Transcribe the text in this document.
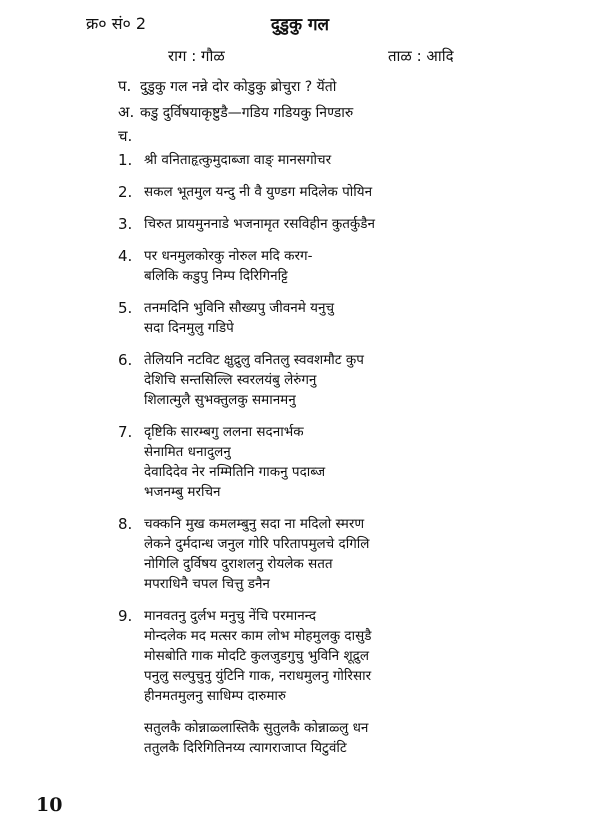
क्र० सं० 2	दुडुकु गल
राग : गौळ	ताळ : आदि
प. दुडुकु गल नन्ने दोर कोडुकु ब्रोचुरा ? यॆंतो
अ. कडु दुर्विषयाकृष्टुडै—गडिय गडियकु निण्डारु
च.
1. श्री वनिताहृत्कुमुदाब्जा वाङ् मानसगोचर
2. सकल भूतमुल यन्दु नी वै युण्डग मदिलेक पोयिन
3. चिरुत प्रायमुननाडे भजनामृत रसविहीन कुतर्कुडैन
4. पर धनमुलकोरकु नोरुल मदि करग-
बलिकि कडुपु निम्प दिरिगिनट्टि
5. तनमदिनि भुविनि सौख्यपु जीवनमे यनुचु
सदा दिनमुलु गडिपे
6. तेलियनि नटविट क्षुद्रुलु वनितलु स्ववशमौट कुप
देशिचि सन्तसिल्लि स्वरलयंबु लेरुंगनु
शिलात्मुलै सुभक्तुलकु समानमनु
7. दृष्टिकि सारम्बगु ललना सदनार्भक
सेनामित धनादुलनु
देवादिदेव नेर नम्मितिनि गाकनु पदाब्ज
भजनम्बु मरचिन
8. चक्कनि मुख कमलम्बुनु सदा ना मदिलो स्मरण
लेकने दुर्मदान्ध जनुल गोरि परितापमुलचे दगिलि
नोगिलि दुर्विषय दुराशलनु रोयलेक सतत
मपराधिनै चपल चित्तु डनैन
9. मानवतनु दुर्लभ मनुचु नेंचि परमानन्द
मोन्दलेक मद मत्सर काम लोभ मोहमुलकु दासुडै
मोसबोति गाक मोदटि कुलजुडगुचु भुविनि शूद्रुल
पनुलु सल्पुचुनु युंटिनि गाक, नराधमुलनु गोरिसार
हीनमतमुलनु साधिम्प दारुमारु
सतुलकै कोन्नाळ्लास्तिकै सुतुलकै कोन्नाळ्लु धन
ततुलकै दिरिगितिनय्य त्यागराजाप्त यिटुवंटि
10
